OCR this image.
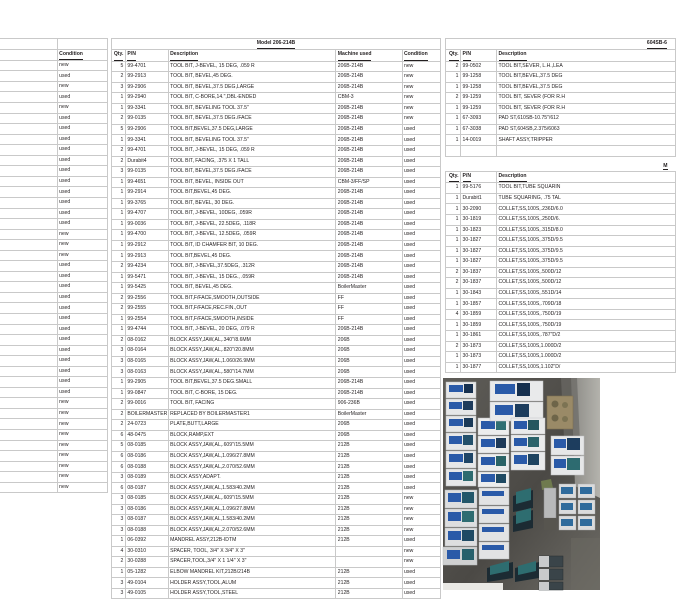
	Condition
	new
	used
	new
	used
	new
	used
	used
	used
	used
	used
	used
	used
	used
	used
	used
	used
	new
	new
	new
	used
	used
	used
	used
	used
	used
	used
	used
	used
	used
	used
	used
	used
	new
	new
	new
	new
	new
	new
	new
	new
	new
Model 206-214B				
Qty.	P/N	Description	Machine used	Condition
5	99-4701	TOOL BIT, J-BEVEL, 15 DEG, .059 R	206B-214B	new
2	99-2913	TOOL BIT, BEVEL,45 DEG.	206B-214B	new
3	99-2906	TOOL BIT, BEVEL,37.5 DEG,LARGE	206B-214B	new
1	99-2940	TOOL BIT, C-BORE,14.",DBL-ENDED	CBM-3	new
1	99-3341	TOOL BIT, BEVELING TOOL 37.5"	206B-214B	new
2	99-0135	TOOL BIT, BEVEL,37.5 DEG./FACE	206B-214B	new
5	99-2906	TOOL BIT,BEVEL,37.5 DEG,LARGE	206B-214B	used
1	99-3341	TOOL BIT, BEVELING TOOL 37.5"	206B-214B	used
2	99-4701	TOOL BIT, J-BEVEL, 15 DEG, .059 R	206B-214B	used
2	Durabit4	TOOL BIT, FACING, .375 X 1 TALL	206B-214B	used
3	99-0135	TOOL BIT, BEVEL,37.5 DEG./FACE	206B-214B	used
1	99-4651	TOOL BIT, BEVEL, INSIDE OUT	CBM-3/FF/SP	used
1	99-2914	TOOL BIT,BEVEL,45 DEG.	206B-214B	used
1	99-3765	TOOL BIT, BEVEL, 30 DEG.	206B-214B	used
1	99-4707	TOOL BIT, J-BEVEL, 10DEG, .059R	206B-214B	used
1	99-0036	TOOL BIT, J-BEVEL, 22.5DEG, .118R	206B-214B	used
1	99-4700	TOOL BIT, J-BEVEL, 12.5DEG, .059R	206B-214B	used
1	99-2912	TOOL BIT, ID CHAMFER BIT, 10 DEG.	206B-214B	used
1	99-2913	TOOL BIT,BEVEL,45 DEG.	206B-214B	used
2	99-4234	TOOL BIT, J-BEVEL,37.5DEG, .312R	206B-214B	used
1	99-5471	TOOL BIT, J-BEVEL, 15 DEG., .059R	206B-214B	used
1	99-5425	TOOL BIT, BEVEL,45 DEG.	BoilerMaster	used
2	99-2556	TOOL BIT,F/FACE,SMOOTH,OUTSIDE	FF	used
2	99-2555	TOOL BIT,F/FACE,REC.FIN.,OUT	FF	used
1	99-2554	TOOL BIT,F/FACE,SMOOTH,INSIDE	FF	used
1	99-4744	TOOL BIT, J-BEVEL, 20 DEG, .079 R	206B-214B	used
2	08-0162	BLOCK ASSY,JAW,AL,.340"/8.6MM	206B	used
3	08-0164	BLOCK ASSY,JAW,AL,.820"/20.8MM	206B	used
3	08-0165	BLOCK ASSY,JAW,AL,1.060/26.9MM	206B	used
3	08-0163	BLOCK ASSY,JAW,AL,.580"/14.7MM	206B	used
1	99-2905	TOOL BIT,BEVEL,37.5 DEG.SMALL	206B-214B	used
1	99-0847	TOOL BIT, C-BORE, 15 DEG.	206B-214B	used
2	99-0016	TOOL BIT, FACING	906-236B	used
2	BOILERMASTER	REPLACED BY BOILERMASTER1	BoilerMaster	used
2	24-0723	PLATE,BUTT,LARGE	206B	used
6	48-0475	BLOCK,RAMP,EXT	206B	used
5	08-0185	BLOCK ASSY,JAW,AL,.609"/15.5MM	212B	used
6	08-0186	BLOCK ASSY,JAW,AL,1.096/27.8MM	212B	used
6	08-0188	BLOCK ASSY,JAW,AL,2.070/52.6MM	212B	used
3	08-0189	BLOCK ASSY,ADAPT.	212B	used
6	08-0187	BLOCK ASSY,JAW,AL,1.583/40.2MM	212B	used
3	08-0185	BLOCK ASSY,JAW,AL,.609"/15.5MM	212B	new
3	08-0186	BLOCK ASSY,JAW,AL,1.096/27.8MM	212B	new
3	08-0187	BLOCK ASSY,JAW,AL,1.583/40.2MM	212B	new
3	08-0188	BLOCK ASSY,JAW,AL,2.070/52.6MM	212B	new
1	06-0392	MANDREL ASSY,212B-IDTM	212B	used
4	30-0310	SPACER, TOOL, 3/4" X 3/4" X 3"		new
2	30-0288	SPACER,TOOL,3/4" X 1 1/4" X 3"		new
1	05-1282	ELBOW MANDREL KIT,212B/214B	212B	used
3	49-0104	HOLDER ASSY,TOOL,ALUM	212B	used
3	49-0105	HOLDER ASSY,TOOL,STEEL	212B	used
604SB-6		
Qty.	P/N	Description
2	99-0502	TOOL BIT,SEVER, L.H.,LEA
1	99-1258	TOOL BIT,BEVEL,37.5 DEG
1	99-1258	TOOL BIT,BEVEL,37.5 DEG
2	99-1259	TOOL BIT, SEVER (FOR R.H
1	99-1259	TOOL BIT, SEVER (FOR R.H
1	67-3093	PAD ST,610SB-10.75"/612
1	67-3038	PAD ST,604SB,2.375/6063
1	14-0019	SHAFT ASSY,TRIPPER

M		
Qty.	P/N	Description
1	99-5176	TOOL BIT,TUBE SQUARIN
1	Durabit1	TUBE SQUARING, .75 TAL
1	30-2090	COLLET,SS,100S,.236D/6.0
1	30-1819	COLLET,SS,100S,.250D/6.
1	30-1823	COLLET,SS,100S,.315D/8.0
1	30-1827	COLLET,SS,100S,.375D/9.5
1	30-1827	COLLET,SS,100S,.375D/9.5
1	30-1827	COLLET,SS,100S,.375D/9.5
2	30-1837	COLLET,SS,100S,.500D/12
2	30-1837	COLLET,SS,100S,.500D/12
1	30-1843	COLLET,SS,100S,.551D/14
1	30-1857	COLLET,SS,100S,.709D/18
4	30-1859	COLLET,SS,100S,.750D/19
1	30-1859	COLLET,SS,100S,.750D/19
1	30-1861	COLLET,SS,100S,.787"D/2
2	30-1873	COLLET,SS,100S,1.000D/2
1	30-1873	COLLET,SS,100S,1.000D/2
1	30-1877	COLLET,SS,100S,1.102"D/
